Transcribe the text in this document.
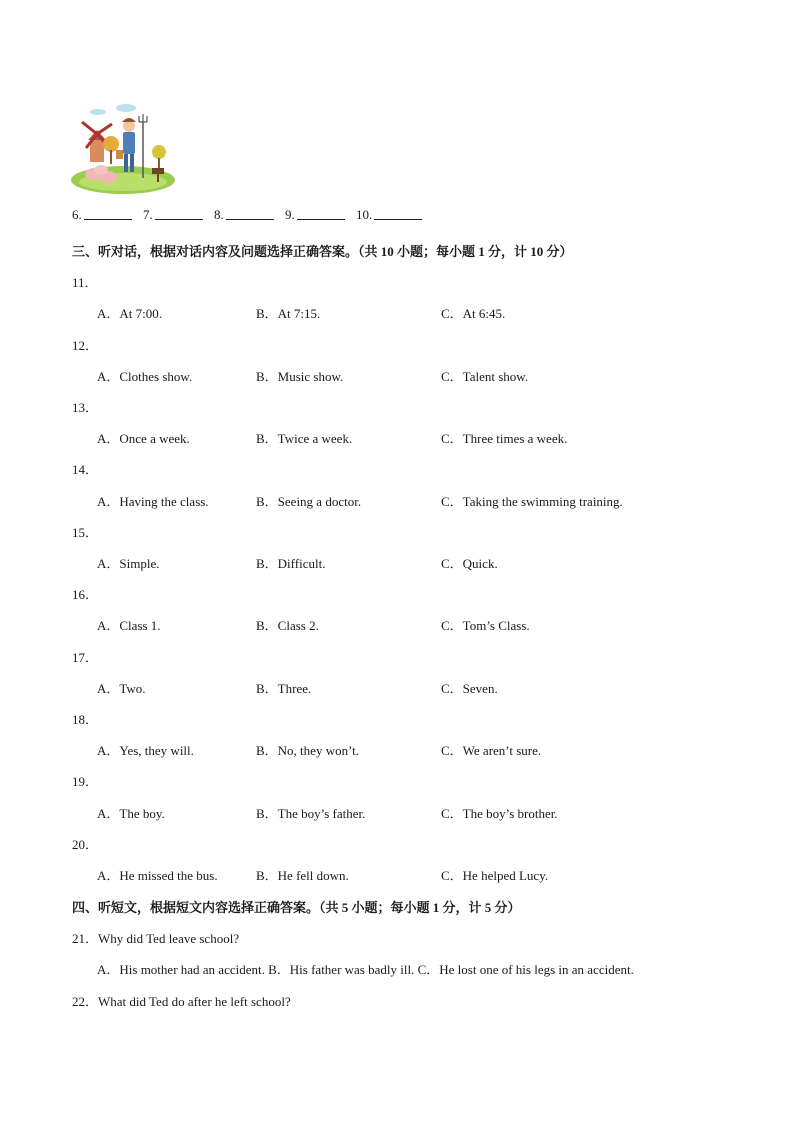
6.	7.	8.	9.	10.
三、听对话，根据对话内容及问题选择正确答案。（共 10 小题；每小题 1 分，计 10 分）
11．
A．At 7:00.	B．At 7:15.	C．At 6:45.
12．
A．Clothes show.	B．Music show.	C．Talent show.
13．
A．Once a week.	B．Twice a week.	C．Three times a week.
14．
A．Having the class.	B．Seeing a doctor.	C．Taking the swimming training.
15．
A．Simple.	B．Difficult.	C．Quick.
16．
A．Class 1.	B．Class 2.	C．Tom’s Class.
17．
A．Two.	B．Three.	C．Seven.
18．
A．Yes, they will.	B．No, they won’t.	C．We aren’t sure.
19．
A．The boy.	B．The boy’s father.	C．The boy’s brother.
20．
A．He missed the bus.	B．He fell down.	C．He helped Lucy.
四、听短文，根据短文内容选择正确答案。（共 5 小题；每小题 1 分，计 5 分）
21．Why did Ted leave school?
A．His mother had an accident. B．His father was badly ill. C．He lost one of his legs in an accident.
22．What did Ted do after he left school?
